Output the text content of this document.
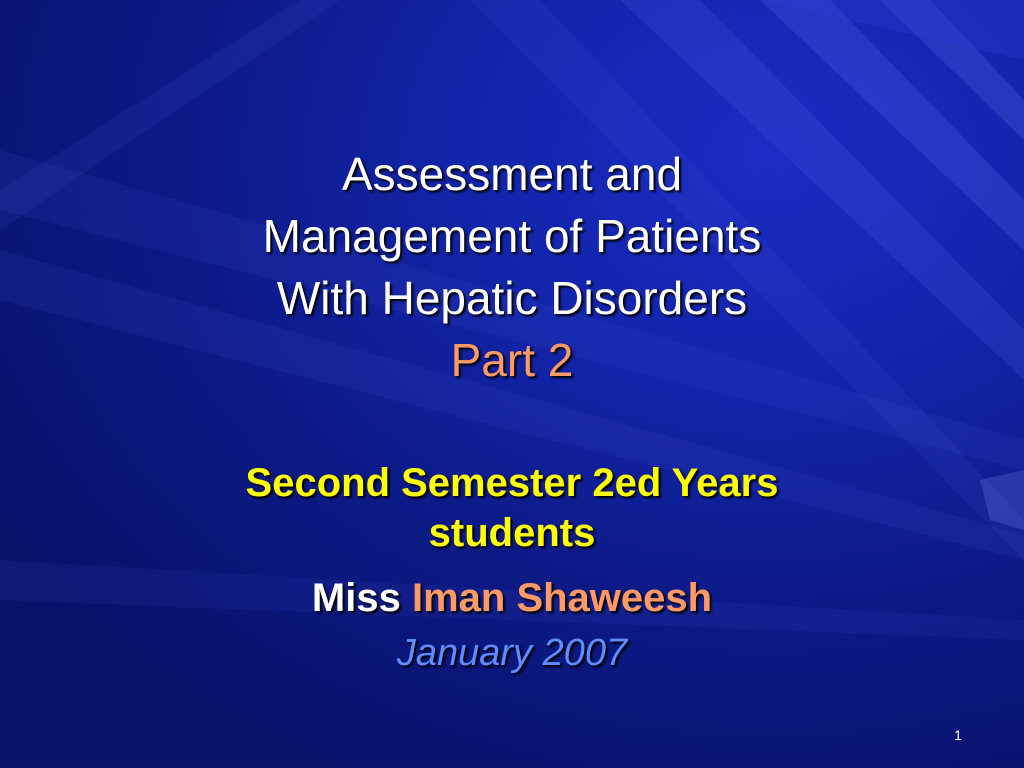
Assessment and
Management of Patients
With Hepatic Disorders
Part 2
Second Semester 2ed Years
students
Miss Iman Shaweesh
January 2007
1
